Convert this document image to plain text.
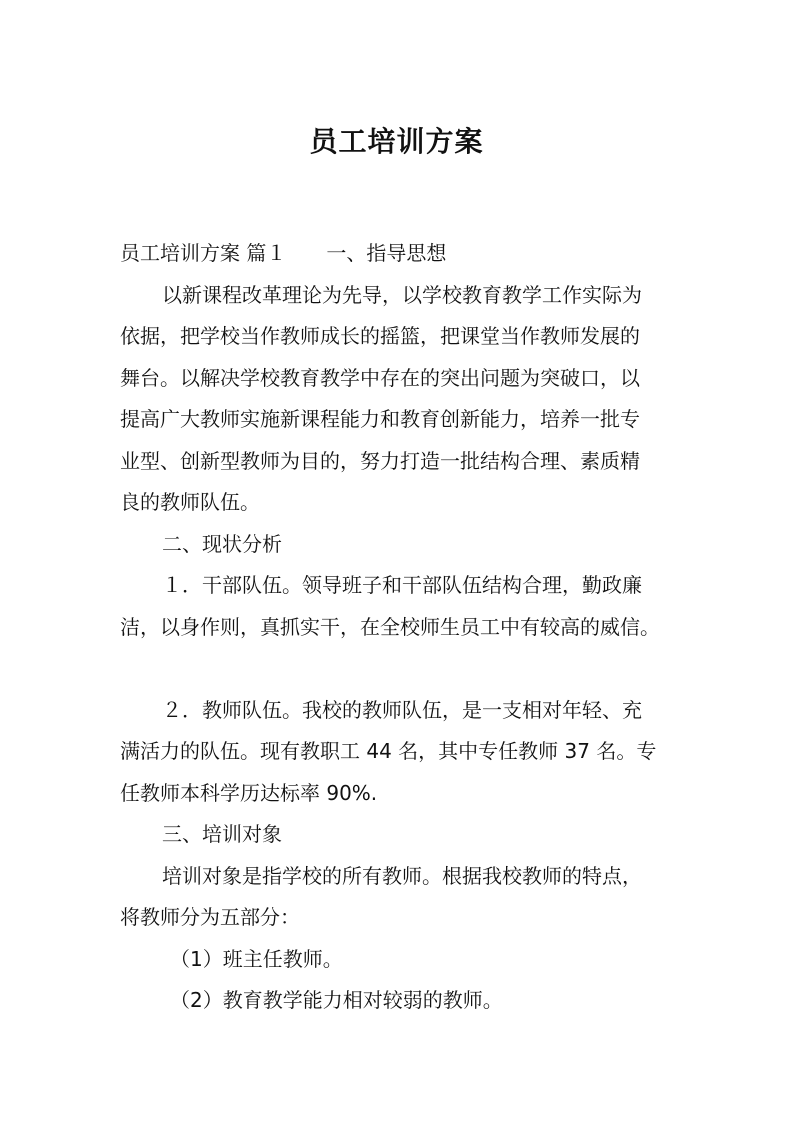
员工培训方案

员工培训方案 篇１ 一、指导思想

以新课程改革理论为先导，以学校教育教学工作实际为

依据，把学校当作教师成长的摇篮，把课堂当作教师发展的

舞台。以解决学校教育教学中存在的突出问题为突破口，以

提高广大教师实施新课程能力和教育创新能力，培养一批专

业型、创新型教师为目的，努力打造一批结构合理、素质精

良的教师队伍。

二、现状分析

１．干部队伍。领导班子和干部队伍结构合理，勤政廉

洁，以身作则，真抓实干，在全校师生员工中有较高的威信。

２．教师队伍。我校的教师队伍，是一支相对年轻、充

满活力的队伍。现有教职工 44 名，其中专任教师 37 名。专

任教师本科学历达标率 90%.

三、培训对象

培训对象是指学校的所有教师。根据我校教师的特点，

将教师分为五部分：

（1）班主任教师。

（2）教育教学能力相对较弱的教师。
